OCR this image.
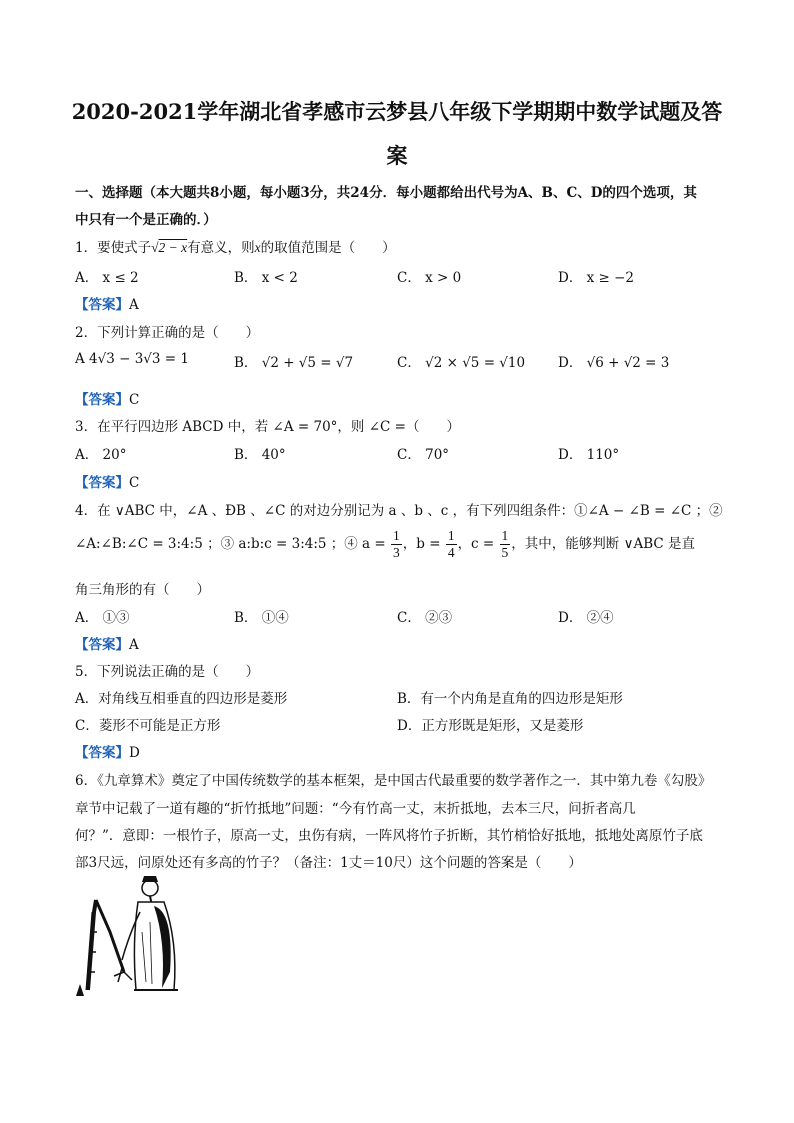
2020-2021学年湖北省孝感市云梦县八年级下学期期中数学试题及答
案
一、选择题（本大题共8小题，每小题3分，共24分．每小题都给出代号为A、B、C、D的四个选项，其
中只有一个是正确的．）
1．要使式子√2 − x有意义，则x的取值范围是（　　）
A． x ≤ 2	B． x < 2	C． x > 0	D． x ≥ −2
【答案】A
2．下列计算正确的是（　　）
A 4√3 − 3√3 = 1	B． √2 + √5 = √7	C． √2 × √5 = √10 D． √6 + √2 = 3
【答案】C
3．在平行四边形 ABCD 中，若 ∠A = 70°，则 ∠C =（　　）
A． 20°	B． 40°	C． 70°	D． 110°
【答案】C
4．在 ∨ABC 中，∠A 、ÐB 、∠C 的对边分别记为 a 、b 、c ，有下列四组条件：①∠A − ∠B = ∠C ；②
∠A:∠B:∠C = 3:4:5 ；③ a:b:c = 3:4:5 ；④ $a = \frac{1}{3}$ ，$b = \frac{1}{4}$ ，$c = \frac{1}{5}$ ，其中，能够判断 ∨ABC 是直
角三角形的有（　　）
A． ①③	B． ①④	C． ②③	D． ②④
【答案】A
5．下列说法正确的是（　　）
A．对角线互相垂直的四边形是菱形	B．有一个内角是直角的四边形是矩形
C．菱形不可能是正方形	D．正方形既是矩形，又是菱形
【答案】D
6．《九章算术》奠定了中国传统数学的基本框架，是中国古代最重要的数学著作之一．其中第九卷《勾股》
章节中记载了一道有趣的“折竹抵地”问题：“今有竹高一丈，末折抵地，去本三尺，问折者高几
何？”．意即：一根竹子，原高一丈，虫伤有病，一阵风将竹子折断，其竹梢恰好抵地，抵地处离原竹子底
部3尺远，问原处还有多高的竹子？（备注：1丈＝10尺）这个问题的答案是（　　）
